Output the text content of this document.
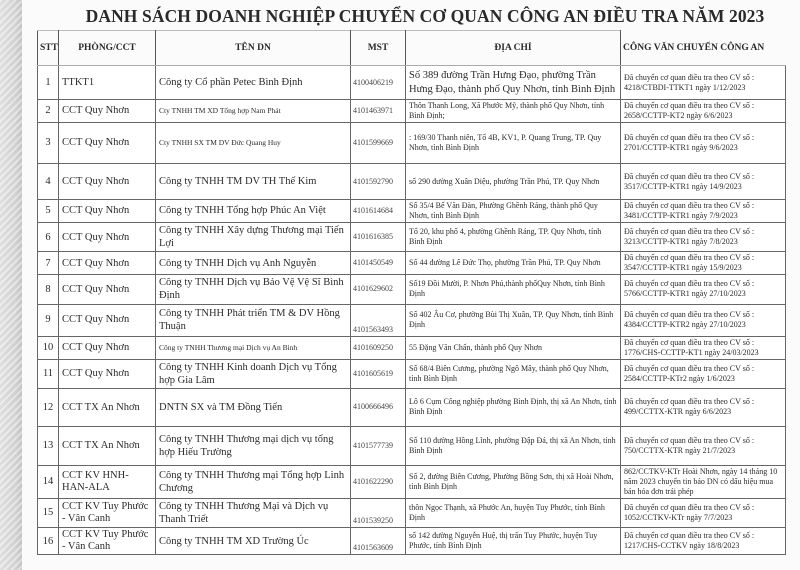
DANH SÁCH DOANH NGHIỆP CHUYỂN CƠ QUAN CÔNG AN ĐIỀU TRA NĂM 2023
STT	PHÒNG/CCT	TÊN DN	MST	ĐỊA CHỈ	CÔNG VĂN CHUYỂN CÔNG AN
1	TTKT1	Công ty Cổ phần Petec Bình Định	4100406219	Số 389 đường Trần Hưng Đạo, phường Trần Hưng Đạo, thành phố Quy Nhơn, tỉnh Bình Định	Đã chuyển cơ quan điều tra theo CV số : 4218/CTBDI-TTKT1 ngày 1/12/2023
2	CCT Quy Nhơn	Cty TNHH TM XD Tổng hợp Nam Phát	4101463971	Thôn Thanh Long, Xã Phước Mỹ, thành phố Quy Nhơn, tỉnh Bình Định;	Đã chuyển cơ quan điều tra theo CV số : 2658/CCTTP-KT2 ngày 6/6/2023
3	CCT Quy Nhơn	Cty TNHH SX TM DV Đức Quang Huy	4101599669	: 169/30 Thanh niên, Tổ 4B, KV1, P. Quang Trung, TP. Quy Nhơn, tỉnh Bình Định	Đã chuyển cơ quan điều tra theo CV số : 2701/CCTTP-KTR1 ngày 9/6/2023
4	CCT Quy Nhơn	Công ty TNHH TM DV TH Thế Kim	4101592790	số 290 đường Xuân Diệu, phường Trần Phú, TP. Quy Nhơn	Đã chuyển cơ quan điều tra theo CV số : 3517/CCTTP-KTR1 ngày 14/9/2023
5	CCT Quy Nhơn	Công ty TNHH Tổng hợp Phúc An Việt	4101614684	Số 35/4 Bế Văn Đàn, Phường Ghềnh Ráng, thành phố Quy Nhơn, tỉnh Bình Định	Đã chuyển cơ quan điều tra theo CV số : 3481/CCTTP-KTR1 ngày 7/9/2023
6	CCT Quy Nhơn	Công ty TNHH Xây dựng Thương mại Tiến Lợi	4101616385	Tổ 20, khu phố 4, phường Ghềnh Ráng, TP. Quy Nhơn, tỉnh Bình Định	Đã chuyển cơ quan điều tra theo CV số : 3213/CCTTP-KTR1 ngày 7/8/2023
7	CCT Quy Nhơn	Công ty TNHH Dịch vụ Anh Nguyễn	4101450549	Số 44 đường Lê Đức Thọ, phường Trần Phú, TP. Quy Nhơn	Đã chuyển cơ quan điều tra theo CV số : 3547/CCTTP-KTR1 ngày 15/9/2023
8	CCT Quy Nhơn	Công ty TNHH Dịch vụ Bảo Vệ Vệ Sĩ Bình Định	4101629602	Số19 Đồi Mười, P. Nhơn Phú,thành phốQuy Nhơn, tỉnh Bình Định	Đã chuyển cơ quan điều tra theo CV số : 5766/CCTTP-KTR1 ngày 27/10/2023
9	CCT Quy Nhơn	Công ty TNHH Phát triển TM & DV Hồng Thuận	4101563493	Số 402 Âu Cơ, phường Bùi Thị Xuân, TP. Quy Nhơn, tỉnh Bình Định	Đã chuyển cơ quan điều tra theo CV số : 4384/CCTTP-KTR2 ngày 27/10/2023
10	CCT Quy Nhơn	Công ty TNHH Thương mại Dịch vụ An Bình	4101609250	55 Đặng Văn Chấn, thành phố Quy Nhơn	Đã chuyển cơ quan điều tra theo CV số : 1776/CHS-CCTTP-KT1 ngày 24/03/2023
11	CCT Quy Nhơn	Công ty TNHH Kinh doanh Dịch vụ Tổng hợp Gia Lâm	4101605619	Số 68/4 Biên Cương, phường Ngô Mây, thành phố Quy Nhơn, tỉnh Bình Định	Đã chuyển cơ quan điều tra theo CV số : 2584/CCTTP-KTr2 ngày 1/6/2023
12	CCT TX An Nhơn	DNTN SX và TM Đồng Tiến	4100666496	Lô 6 Cụm Công nghiệp phường Bình Định, thị xã An Nhơn, tỉnh Bình Định	Đã chuyển cơ quan điều tra theo CV số : 499/CCTTX-KTR ngày 6/6/2023
13	CCT TX An Nhơn	Công ty TNHH Thương mại dịch vụ tổng hợp Hiếu Trường	4101577739	Số 110 đường Hồng Lĩnh, phường Đập Đá, thị xã An Nhơn, tỉnh Bình Định	Đã chuyển cơ quan điều tra theo CV số : 750/CCTTX-KTR ngày 21/7/2023
14	CCT KV HNH-HAN-ALA	Công ty TNHH Thương mại Tổng hợp Linh Chương	4101622290	Số 2, đường Biên Cương, Phường Bồng Sơn, thị xã Hoài Nhơn, tỉnh Bình Định	862/CCTKV-KTr Hoài Nhơn, ngày 14 tháng 10 năm 2023 chuyển tin báo DN có dấu hiệu mua bán hóa đơn trái phép
15	CCT KV Tuy Phước - Vân Canh	Công ty TNHH Thương Mại và Dịch vụ Thanh Triết	4101539250	thôn Ngọc Thạnh, xã Phước An, huyện Tuy Phước, tỉnh Bình Định	Đã chuyển cơ quan điều tra theo CV số : 1052/CCTKV-KTr ngày 7/7/2023
16	CCT KV Tuy Phước - Vân Canh	Công ty TNHH TM XD Trường Úc	4101563609	số 142 đường Nguyễn Huệ, thị trấn Tuy Phước, huyện Tuy Phước, tỉnh Bình Định	Đã chuyển cơ quan điều tra theo CV số : 1217/CHS-CCTKV ngày 18/8/2023
